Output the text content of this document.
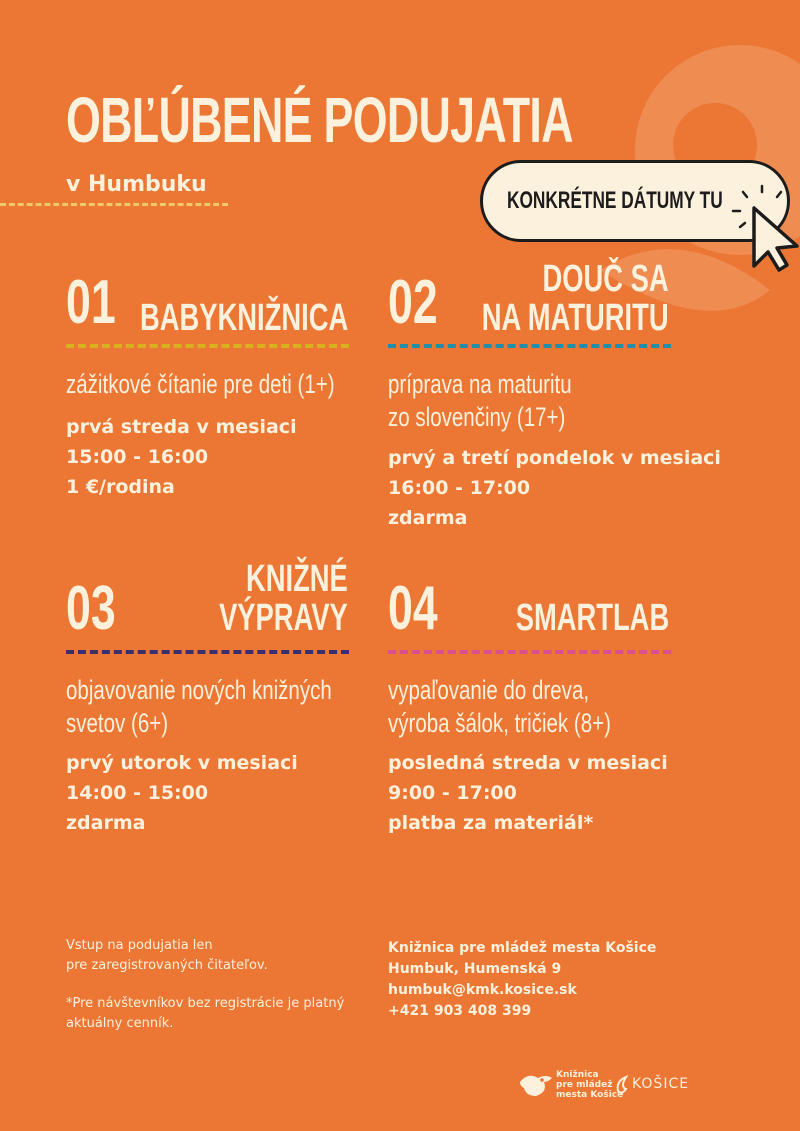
OBĽÚBENÉ PODUJATIA
v Humbuku
KONKRÉTNE DÁTUMY TU
01
BABYKNIŽNICA
zážitkové čítanie pre deti (1+)
prvá streda v mesiaci
15:00 - 16:00
1 €/rodina
02	DOUČ SA
NA MATURITU
príprava na maturitu
zo slovenčiny (17+)
prvý a tretí pondelok v mesiaci
16:00 - 17:00
zdarma
03	KNIŽNÉ
VÝPRAVY
objavovanie nových knižných
svetov (6+)
prvý utorok v mesiaci
14:00 - 15:00
zdarma
04
SMARTLAB
vypaľovanie do dreva,
výroba šálok, tričiek (8+)
posledná streda v mesiaci
9:00 - 17:00
platba za materiál*
Vstup na podujatia len
pre zaregistrovaných čitateľov.
*Pre návštevníkov bez registrácie je platný
aktuálny cenník.
Knižnica pre mládež mesta Košice
Humbuk, Humenská 9
humbuk@kmk.kosice.sk
+421 903 408 399
Knižnica
pre mládež
mesta Košice
KOŠICE
